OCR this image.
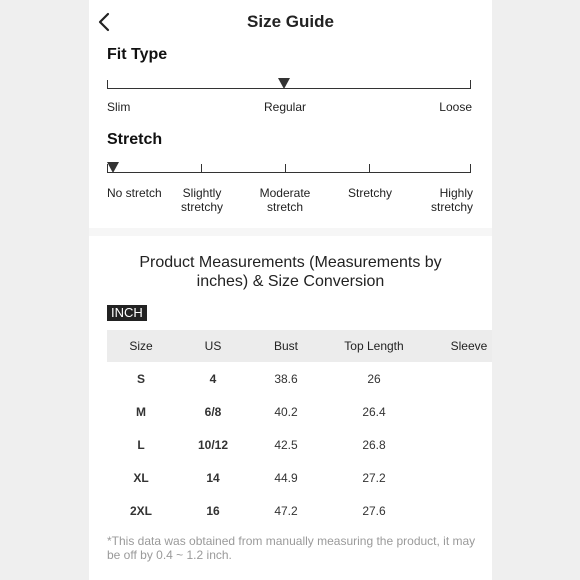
Size Guide
Fit Type
Slim	Regular	Loose
Stretch
No stretch	Slightly stretchy
Moderate stretch
Stretchy	Highly stretchy
Product Measurements (Measurements by inches) & Size Conversion
INCH
Size	US	Bust	Top Length	Sleeve
S	4	38.6	26
M	6/8	40.2	26.4
L	10/12	42.5	26.8
XL	14	44.9	27.2
2XL	16	47.2	27.6
*This data was obtained from manually measuring the product, it may be off by 0.4 ~ 1.2 inch.
